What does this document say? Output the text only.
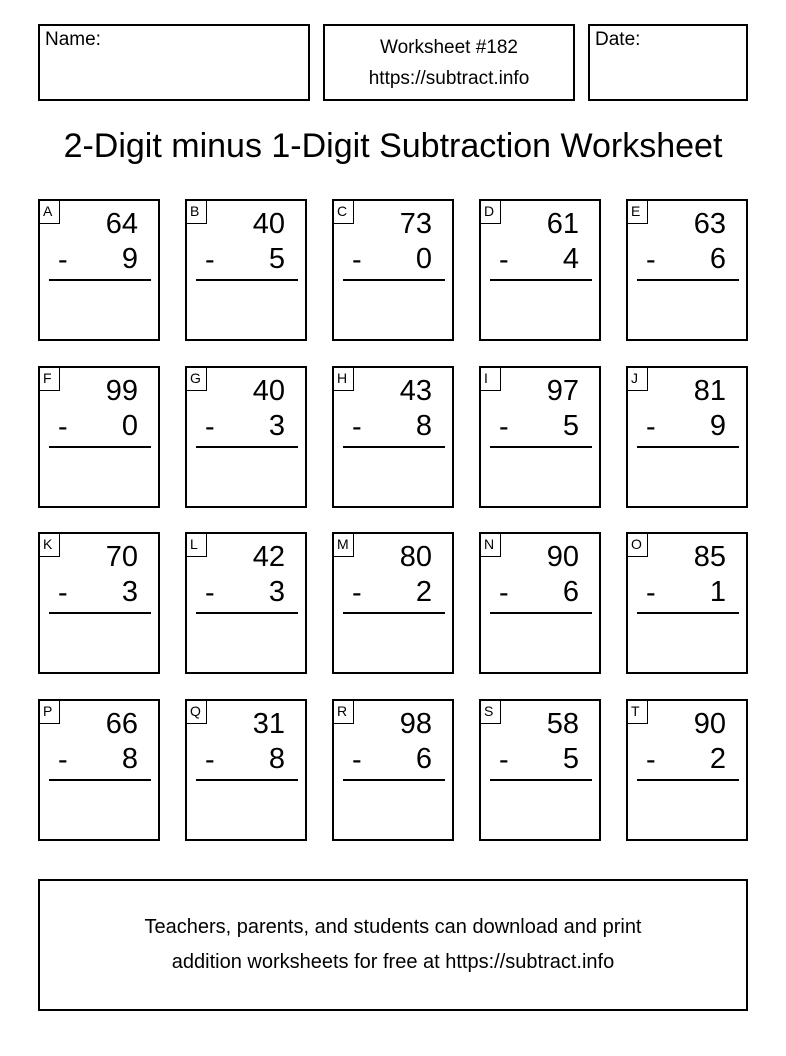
Name:	Worksheet #182
https://subtract.info
Date:
2-Digit minus 1-Digit Subtraction Worksheet
A 64
- 9
B 40
- 5
C 73
- 0
D 61
- 4
E 63
- 6
F 99
- 0
G 40
- 3
H 43
- 8
I	97
- 5
J	81
- 9
K 70
- 3
L	42
- 3
M 80
- 2
N 90
- 6
O 85
- 1
P 66
- 8
Q 31
- 8
R 98
- 6
S 58
- 5
T 90
- 2
Teachers, parents, and students can download and print
addition worksheets for free at https://subtract.info
